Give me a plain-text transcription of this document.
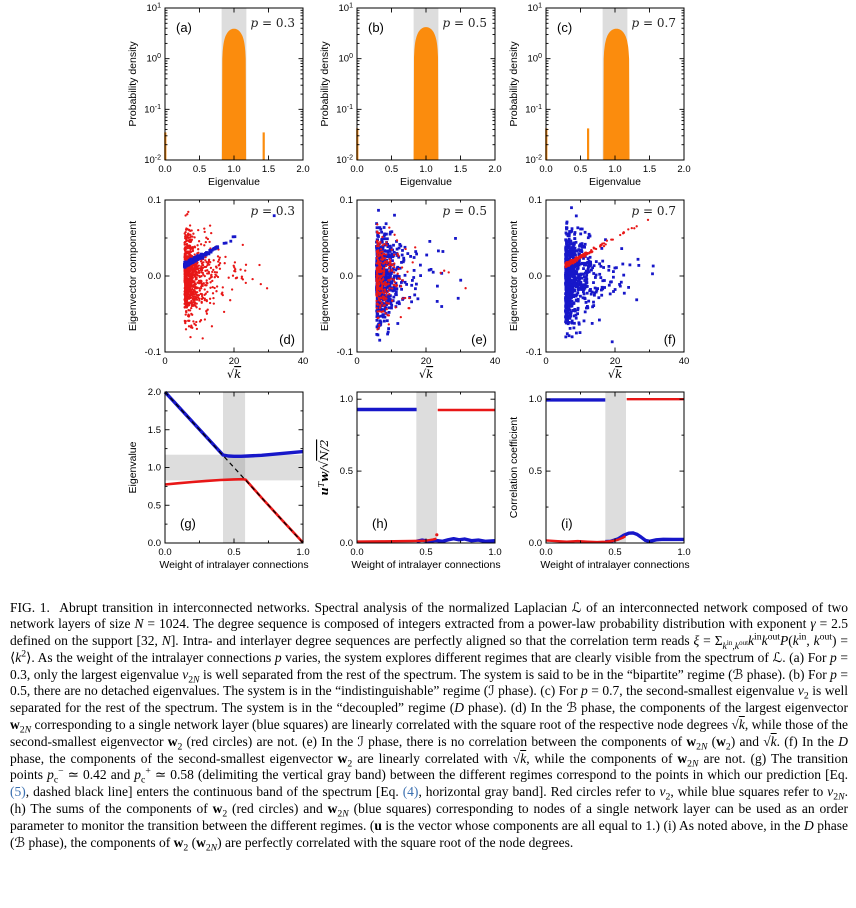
0.0 0.5 1.0 1.5 2.0
$10^1$
$10^0$
$10^{-1}$
$10^{-2}$
Eigenvalue
Probability density
(a)	p = 0.3
0.0 0.5 1.0 1.5 2.0
$10^1$
$10^0$
$10^{-1}$
$10^{-2}$
Eigenvalue
Probability density
(b)	p = 0.5
0.0 0.5 1.0 1.5 2.0
$10^1$
$10^0$
$10^{-1}$
$10^{-2}$
Eigenvalue
Probability density
(c)	p = 0.7
0	20	40
-0.1
0.0
0.1
√k
Eigenvector component
(d)
p = 0.3
0	20	40
-0.1
0.0
0.1
√k
Eigenvector component
(e)
p = 0.5
0	20	40
-0.1
0.0
0.1
√k
Eigenvector component
(f)
p = 0.7
0.0	0.5	1.0
0.0
0.5
1.0
1.5
2.0
Weight of intralayer connections
Eigenvalue
(g)
0.0	0.5	1.0
0.0
0.5
1.0
Weight of intralayer connections
$u^Tw/√N/2$
(h)
0.0	0.5	1.0
0.0
0.5
1.0
Weight of intralayer connections
Correlation coefficient
(i)

FIG. 1.  Abrupt transition in interconnected networks. Spectral analysis of the normalized Laplacian ℒ of an interconnected network composed of two network layers of size N = 1024. The degree sequence is composed of integers extracted from a power-law probability distribution with exponent γ = 2.5 defined on the support [32, N]. Intra- and interlayer degree sequences are perfectly aligned so that the correlation term reads $\xi = \Sigma_{k^{in},k^{out}}k^{in}k^{out}P(k^{in}$, $k^{out}$) = $⟨k^2⟩$. As the weight of the intralayer connections p varies, the system explores different regimes that are clearly visible from the spectrum of ℒ. (a) For p = 0.3, only the largest eigenvalue $\nu_{2N}$ is well separated from the rest of the spectrum. The system is said to be in the “bipartite” regime (ℬ phase). (b) For p = 0.5, there are no detached eigenvalues. The system is in the “indistinguishable” regime (ℐ phase). (c) For p = 0.7, the second-smallest eigenvalue $\nu_2$ is well separated for the rest of the spectrum. The system is in the “decoupled” regime (D phase). (d) In the ℬ phase, the components of the largest eigenvector $w_{2N}$ corresponding to a single network layer (blue squares) are linearly correlated with the square root of the respective node degrees √k, while those of the second-smallest eigenvector $w_2$ (red circles) are not. (e) In the ℐ phase, there is no correlation between the components of $w_{2N}$ $(w_2)$ and √k. (f) In the D phase, the components of the second-smallest eigenvector $w_2$ are linearly correlated with √k, while the components of $w_{2N}$ are not. (g) The transition points $p_c^-$ ≃ 0.42 and $p_c^+$ ≃ 0.58 (delimiting the vertical gray band) between the different regimes correspond to the points in which our prediction [Eq. (5), dashed black line] enters the continuous band of the spectrum [Eq. (4), horizontal gray band]. Red circles refer to $\nu_2$, while blue squares refer to $\nu_{2N}$. (h) The sums of the components of $w_2$ (red circles) and $w_{2N}$ (blue squares) corresponding to nodes of a single network layer can be used as an order parameter to monitor the transition between the different regimes. (u is the vector whose components are all equal to 1.) (i) As noted above, in the D phase (ℬ phase), the components of $w_2$ $(w_{2N})$ are perfectly correlated with the square root of the node degrees.
